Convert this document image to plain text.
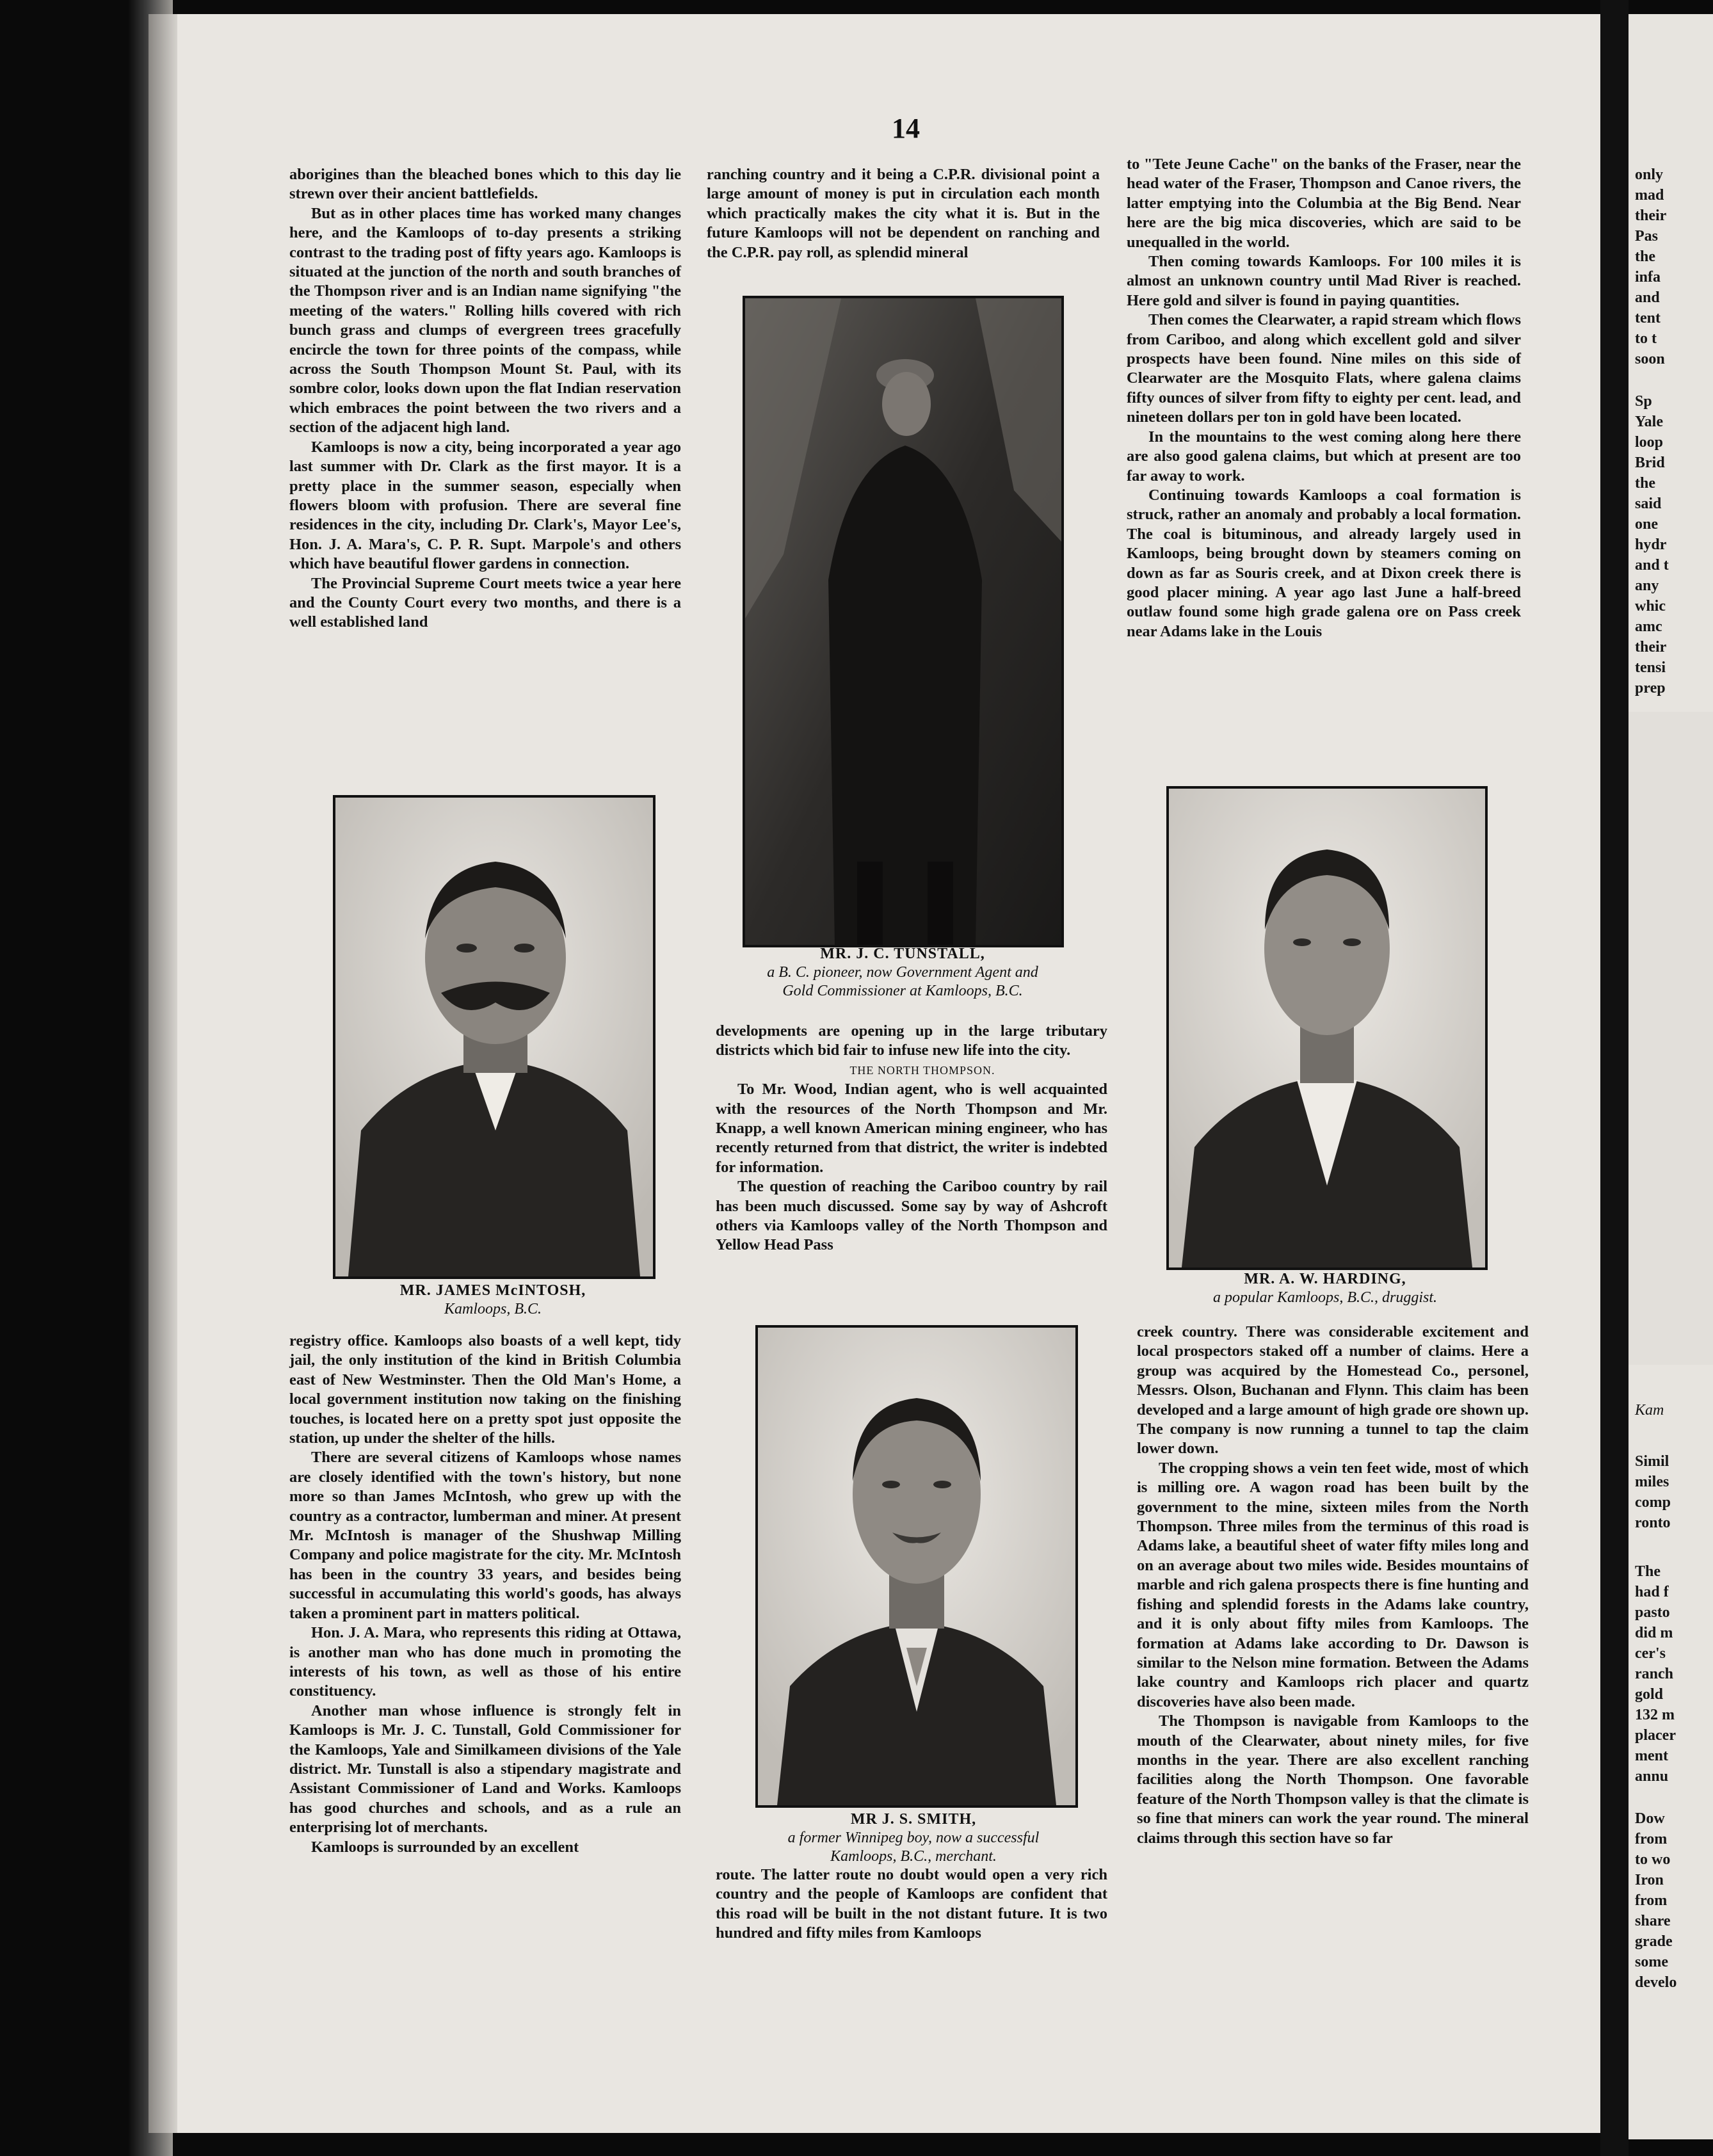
14

aborigines than the bleached bones which to this day lie strewn over their ancient battlefields.

But as in other places time has worked many changes here, and the Kamloops of to-day presents a striking contrast to the trading post of fifty years ago. Kamloops is situated at the junction of the north and south branches of the Thompson river and is an Indian name signifying "the meeting of the waters." Rolling hills covered with rich bunch grass and clumps of evergreen trees gracefully encircle the town for three points of the compass, while across the South Thompson Mount St. Paul, with its sombre color, looks down upon the flat Indian reservation which embraces the point between the two rivers and a section of the adjacent high land.

Kamloops is now a city, being incorporated a year ago last summer with Dr. Clark as the first mayor. It is a pretty place in the summer season, especially when flowers bloom with profusion. There are several fine residences in the city, including Dr. Clark's, Mayor Lee's, Hon. J. A. Mara's, C. P. R. Supt. Marpole's and others which have beautiful flower gardens in connection.

The Provincial Supreme Court meets twice a year here and the County Court every two months, and there is a well established land

MR. JAMES McINTOSH,
Kamloops, B.C.

registry office. Kamloops also boasts of a well kept, tidy jail, the only institution of the kind in British Columbia east of New Westminster. Then the Old Man's Home, a local government institution now taking on the finishing touches, is located here on a pretty spot just opposite the station, up under the shelter of the hills.

There are several citizens of Kamloops whose names are closely identified with the town's history, but none more so than James McIntosh, who grew up with the country as a contractor, lumberman and miner. At present Mr. McIntosh is manager of the Shushwap Milling Company and police magistrate for the city. Mr. McIntosh has been in the country 33 years, and besides being successful in accumulating this world's goods, has always taken a prominent part in matters political.

Hon. J. A. Mara, who represents this riding at Ottawa, is another man who has done much in promoting the interests of his town, as well as those of his entire constituency.

Another man whose influence is strongly felt in Kamloops is Mr. J. C. Tunstall, Gold Commissioner for the Kamloops, Yale and Similkameen divisions of the Yale district. Mr. Tunstall is also a stipendary magistrate and Assistant Commissioner of Land and Works. Kamloops has good churches and schools, and as a rule an enterprising lot of merchants.

Kamloops is surrounded by an excellent

ranching country and it being a C.P.R. divisional point a large amount of money is put in circulation each month which practically makes the city what it is. But in the future Kamloops will not be dependent on ranching and the C.P.R. pay roll, as splendid mineral

MR. J. C. TUNSTALL,
a B. C. pioneer, now Government Agent and
Gold Commissioner at Kamloops, B.C.

developments are opening up in the large tributary districts which bid fair to infuse new life into the city.

THE NORTH THOMPSON.

To Mr. Wood, Indian agent, who is well acquainted with the resources of the North Thompson and Mr. Knapp, a well known American mining engineer, who has recently returned from that district, the writer is indebted for information.

The question of reaching the Cariboo country by rail has been much discussed. Some say by way of Ashcroft others via Kamloops valley of the North Thompson and Yellow Head Pass

MR J. S. SMITH,
a former Winnipeg boy, now a successful
Kamloops, B.C., merchant.

route. The latter route no doubt would open a very rich country and the people of Kamloops are confident that this road will be built in the not distant future. It is two hundred and fifty miles from Kamloops

to "Tete Jeune Cache" on the banks of the Fraser, near the head water of the Fraser, Thompson and Canoe rivers, the latter emptying into the Columbia at the Big Bend. Near here are the big mica discoveries, which are said to be unequalled in the world.

Then coming towards Kamloops. For 100 miles it is almost an unknown country until Mad River is reached. Here gold and silver is found in paying quantities.

Then comes the Clearwater, a rapid stream which flows from Cariboo, and along which excellent gold and silver prospects have been found. Nine miles on this side of Clearwater are the Mosquito Flats, where galena claims fifty ounces of silver from fifty to eighty per cent. lead, and nineteen dollars per ton in gold have been located.

In the mountains to the west coming along here there are also good galena claims, but which at present are too far away to work.

Continuing towards Kamloops a coal formation is struck, rather an anomaly and probably a local formation. The coal is bituminous, and already largely used in Kamloops, being brought down by steamers coming on down as far as Souris creek, and at Dixon creek there is good placer mining. A year ago last June a half-breed outlaw found some high grade galena ore on Pass creek near Adams lake in the Louis

MR. A. W. HARDING,
a popular Kamloops, B.C., druggist.

creek country. There was considerable excitement and local prospectors staked off a number of claims. Here a group was acquired by the Homestead Co., personel, Messrs. Olson, Buchanan and Flynn. This claim has been developed and a large amount of high grade ore shown up. The company is now running a tunnel to tap the claim lower down.

The cropping shows a vein ten feet wide, most of which is milling ore. A wagon road has been built by the government to the mine, sixteen miles from the North Thompson. Three miles from the terminus of this road is Adams lake, a beautiful sheet of water fifty miles long and on an average about two miles wide. Besides mountains of marble and rich galena prospects there is fine hunting and fishing and splendid forests in the Adams lake country, and it is only about fifty miles from Kamloops. The formation at Adams lake according to Dr. Dawson is similar to the Nelson mine formation. Between the Adams lake country and Kamloops rich placer and quartz discoveries have also been made.

The Thompson is navigable from Kamloops to the mouth of the Clearwater, about ninety miles, for five months in the year. There are also excellent ranching facilities along the North Thompson. One favorable feature of the North Thompson valley is that the climate is so fine that miners can work the year round. The mineral claims through this section have so far

only
mad
their
Pas
the
infa
and
tent
to t
soon
Sp
Yale
loop
Brid
the
said
one
hydr
and t
any
whic
amc
their
tensi
prep
Kam
Simil
miles
comp
ronto
The
had f
pasto
did m
cer's
ranch
gold
132 m
placer
ment
annu
Dow
from
to wo
Iron
from
share
grade
some
develo
